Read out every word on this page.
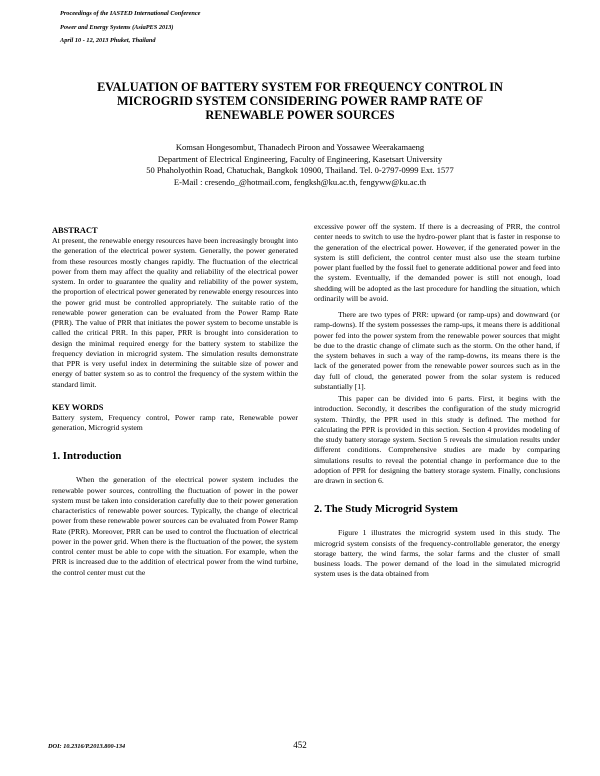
Proceedings of the IASTED International Conference
Power and Energy Systems (AsiaPES 2013)
April 10 - 12, 2013 Phuket, Thailand
EVALUATION OF BATTERY SYSTEM FOR FREQUENCY CONTROL IN
MICROGRID SYSTEM CONSIDERING POWER RAMP RATE OF
RENEWABLE POWER SOURCES
Komsan Hongesombut, Thanadech Piroon and Yossawee Weerakamaeng
Department of Electrical Engineering, Faculty of Engineering, Kasetsart University
50 Phaholyothin Road, Chatuchak, Bangkok 10900, Thailand. Tel. 0-2797-0999 Ext. 1577
E-Mail : cresendo_@hotmail.com, fengksh@ku.ac.th, fengyww@ku.ac.th

ABSTRACT

At present, the renewable energy resources have been increasingly brought into the generation of the electrical power system. Generally, the power generated from these resources mostly changes rapidly. The fluctuation of the electrical power from them may affect the quality and reliability of the electrical power system. In order to guarantee the quality and reliability of the power system, the proportion of electrical power generated by renewable energy resources into the power grid must be controlled appropriately. The suitable ratio of the renewable power generation can be evaluated from the Power Ramp Rate (PRR). The value of PRR that initiates the power system to become unstable is called the critical PRR. In this paper, PRR is brought into consideration to design the minimal required energy for the battery system to stabilize the frequency deviation in microgrid system. The simulation results demonstrate that PPR is very useful index in determining the suitable size of power and energy of batter system so as to control the frequency of the system within the standard limit.

KEY WORDS

Battery system, Frequency control, Power ramp rate, Renewable power generation, Microgrid system

1. Introduction

When the generation of the electrical power system includes the renewable power sources, controlling the fluctuation of power in the power system must be taken into consideration carefully due to their power generation characteristics of renewable power sources. Typically, the change of electrical power from these renewable power sources can be evaluated from Power Ramp Rate (PRR). Moreover, PRR can be used to control the fluctuation of electrical power in the power grid. When there is the fluctuation of the power, the system control center must be able to cope with the situation. For example, when the PRR is increased due to the addition of electrical power from the wind turbine, the control center must cut the

excessive power off the system. If there is a decreasing of PRR, the control center needs to switch to use the hydro-power plant that is faster in response to the generation of the electrical power. However, if the generated power in the system is still deficient, the control center must also use the steam turbine power plant fuelled by the fossil fuel to generate additional power and feed into the system. Eventually, if the demanded power is still not enough, load shedding will be adopted as the last procedure for handling the situation, which ordinarily will be avoid.

There are two types of PRR: upward (or ramp-ups) and downward (or ramp-downs). If the system possesses the ramp-ups, it means there is additional power fed into the power system from the renewable power sources that might be due to the drastic change of climate such as the storm. On the other hand, if the system behaves in such a way of the ramp-downs, its means there is the lack of the generated power from the renewable power sources such as in the day full of cloud, the generated power from the solar system is reduced substantially [1].

This paper can be divided into 6 parts. First, it begins with the introduction. Secondly, it describes the configuration of the study microgrid system. Thirdly, the PPR used in this study is defined. The method for calculating the PPR is provided in this section. Section 4 provides modeling of the study battery storage system. Section 5 reveals the simulation results under different conditions. Comprehensive studies are made by comparing simulations results to reveal the potential change in performance due to the adoption of PPR for designing the battery storage system. Finally, conclusions are drawn in section 6.

2. The Study Microgrid System

Figure 1 illustrates the microgrid system used in this study. The microgrid system consists of the frequency-controllable generator, the energy storage battery, the wind farms, the solar farms and the cluster of small business loads. The power demand of the load in the simulated microgrid system uses is the data obtained from

DOI: 10.2316/P.2013.800-134	452
